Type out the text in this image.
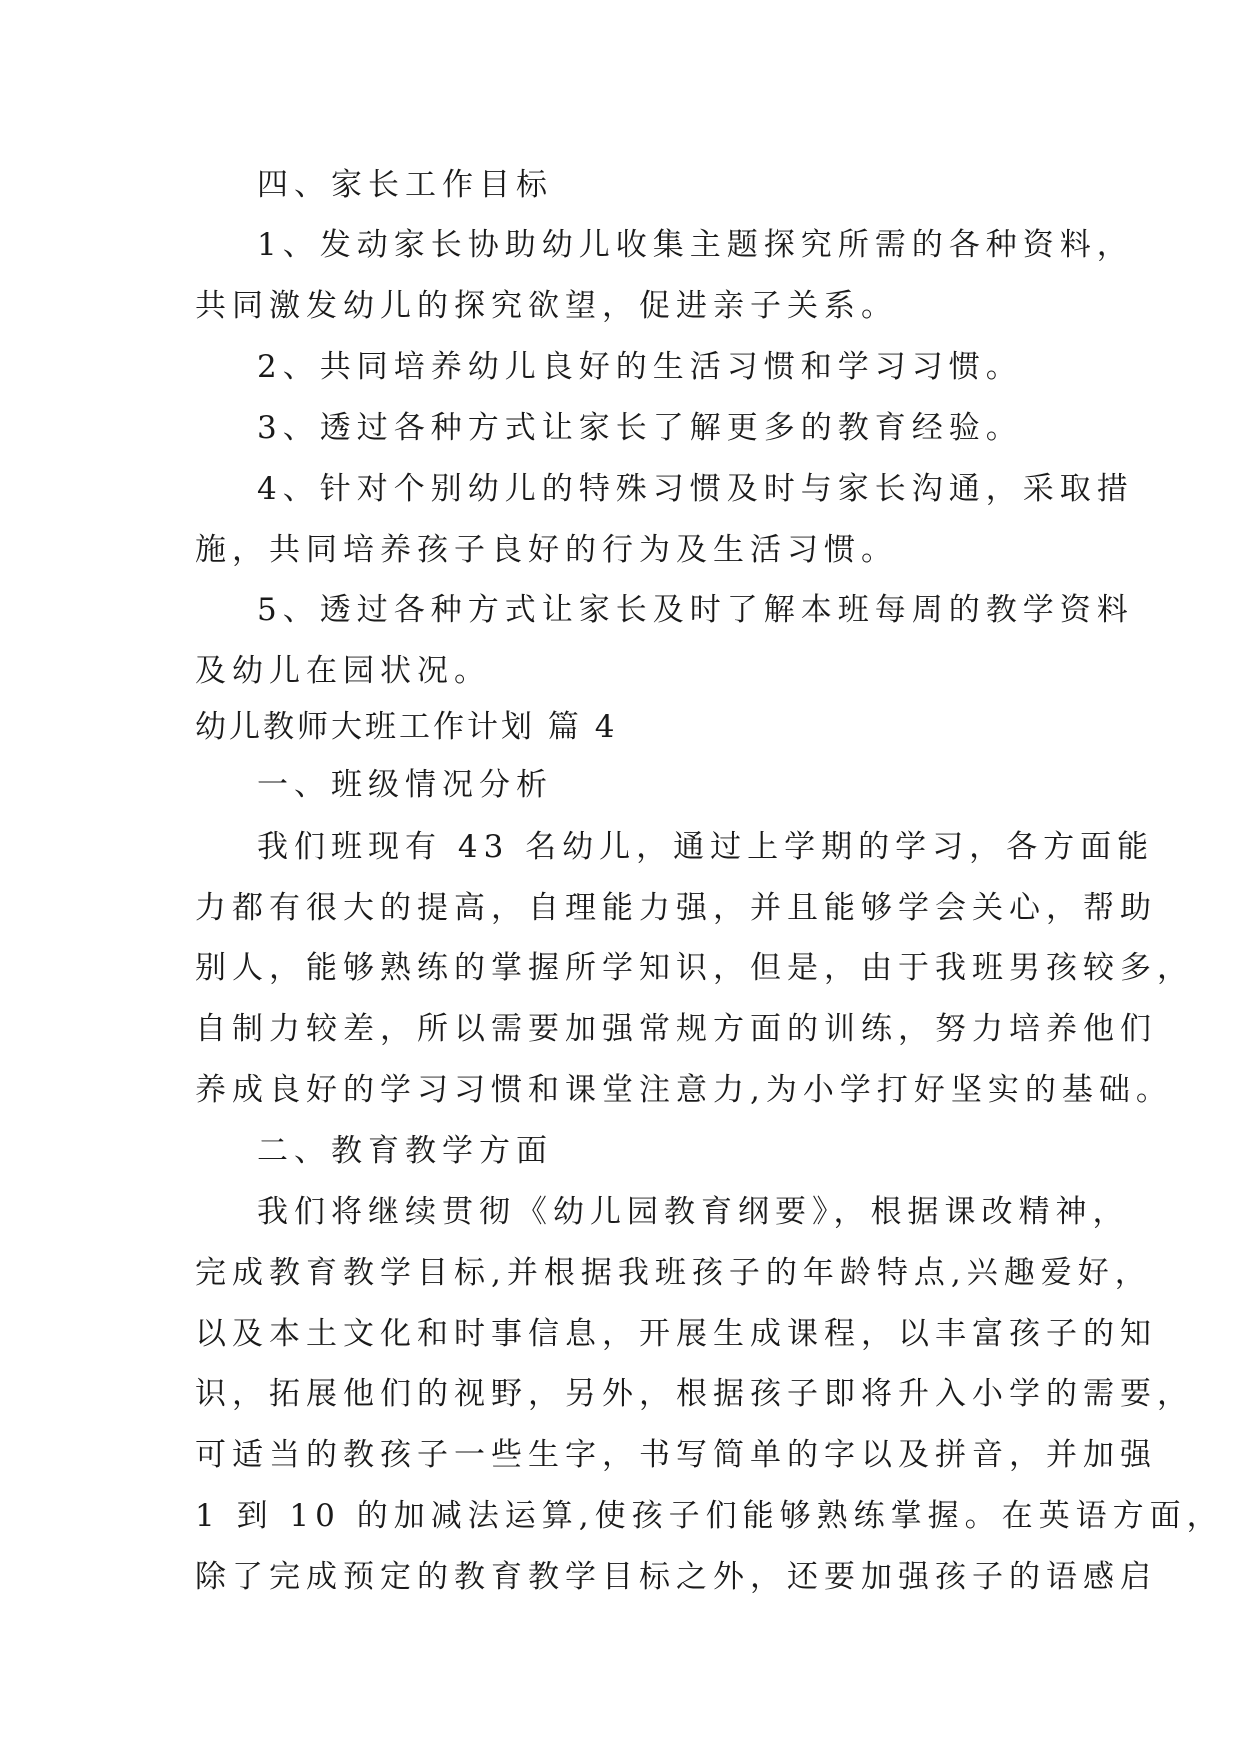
四、家长工作目标
1、发动家长协助幼儿收集主题探究所需的各种资料，
共同激发幼儿的探究欲望，促进亲子关系。
2、共同培养幼儿良好的生活习惯和学习习惯。
3、透过各种方式让家长了解更多的教育经验。
4、针对个别幼儿的特殊习惯及时与家长沟通，采取措
施，共同培养孩子良好的行为及生活习惯。
5、透过各种方式让家长及时了解本班每周的教学资料
及幼儿在园状况。
幼儿教师大班工作计划 篇 4
一、班级情况分析
我们班现有 43 名幼儿，通过上学期的学习，各方面能
力都有很大的提高，自理能力强，并且能够学会关心，帮助
别人，能够熟练的掌握所学知识，但是，由于我班男孩较多，
自制力较差，所以需要加强常规方面的训练，努力培养他们
养成良好的学习习惯和课堂注意力,为小学打好坚实的基础。
二、教育教学方面
我们将继续贯彻《幼儿园教育纲要》，根据课改精神，
完成教育教学目标,并根据我班孩子的年龄特点,兴趣爱好，
以及本土文化和时事信息，开展生成课程，以丰富孩子的知
识，拓展他们的视野，另外，根据孩子即将升入小学的需要，
可适当的教孩子一些生字，书写简单的字以及拼音，并加强
1 到 10 的加减法运算,使孩子们能够熟练掌握。在英语方面，
除了完成预定的教育教学目标之外，还要加强孩子的语感启
